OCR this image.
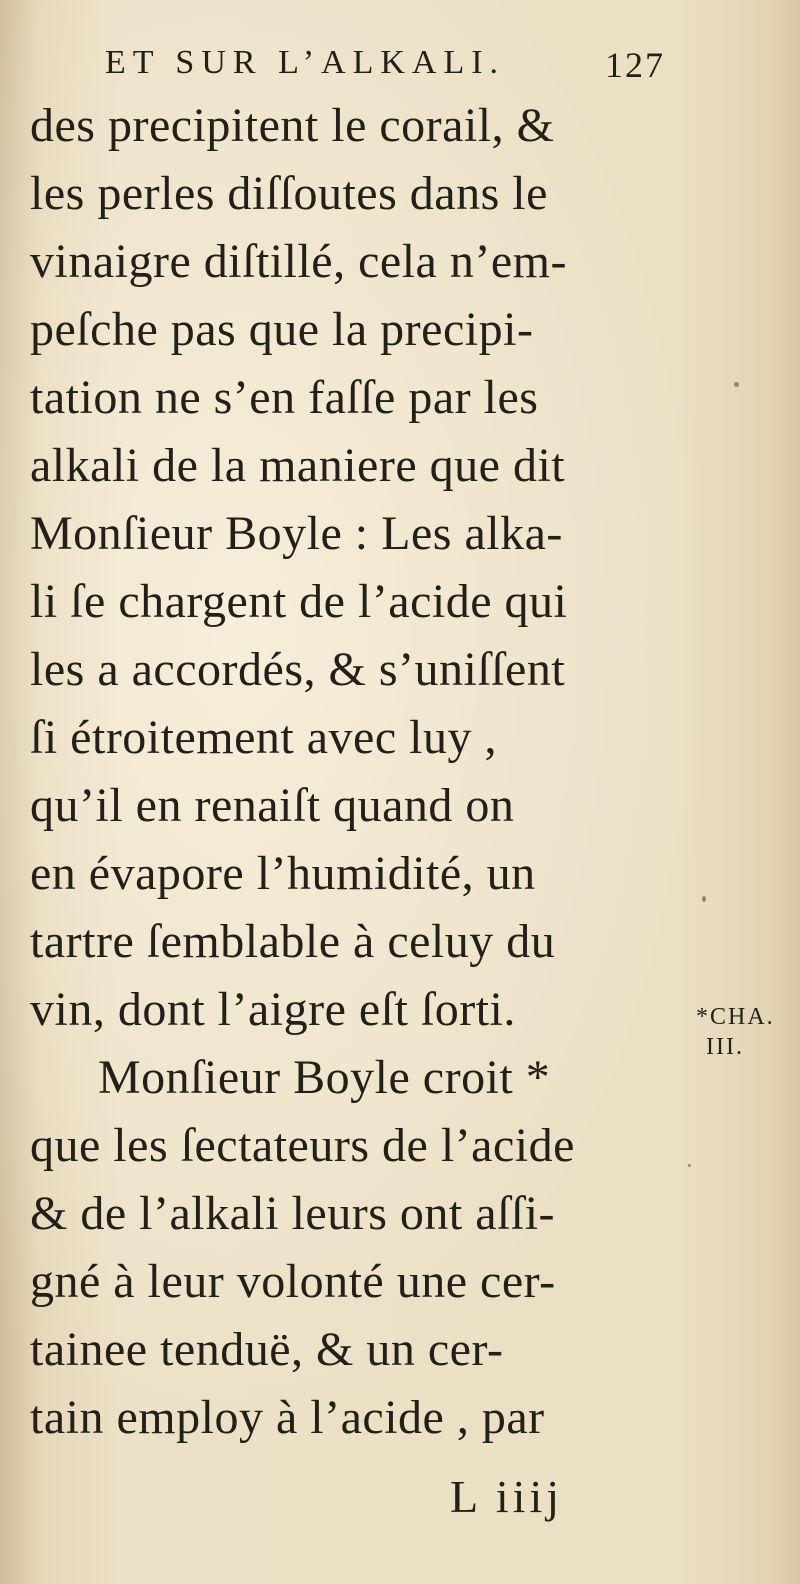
ET SUR L’ALKALI.	127
des precipitent le corail, &
les perles diſſoutes dans le
vinaigre diſtillé, cela n’em-
peſche pas que la precipi-
tation ne s’en faſſe par les
alkali de la maniere que dit
Monſieur Boyle : Les alka-
li ſe chargent de l’acide qui
les a accordés, & s’uniſſent
ſi étroitement avec luy ,
qu’il en renaiſt quand on
en évapore l’humidité, un
tartre ſemblable à celuy du
vin, dont l’aigre eſt ſorti.
Monſieur Boyle croit *
que les ſectateurs de l’acide
& de l’alkali leurs ont aſſi-
gné à leur volonté une cer-
tainee tenduë, & un cer-
tain employ à l’acide , par
*CHA.
III.
L iiij
